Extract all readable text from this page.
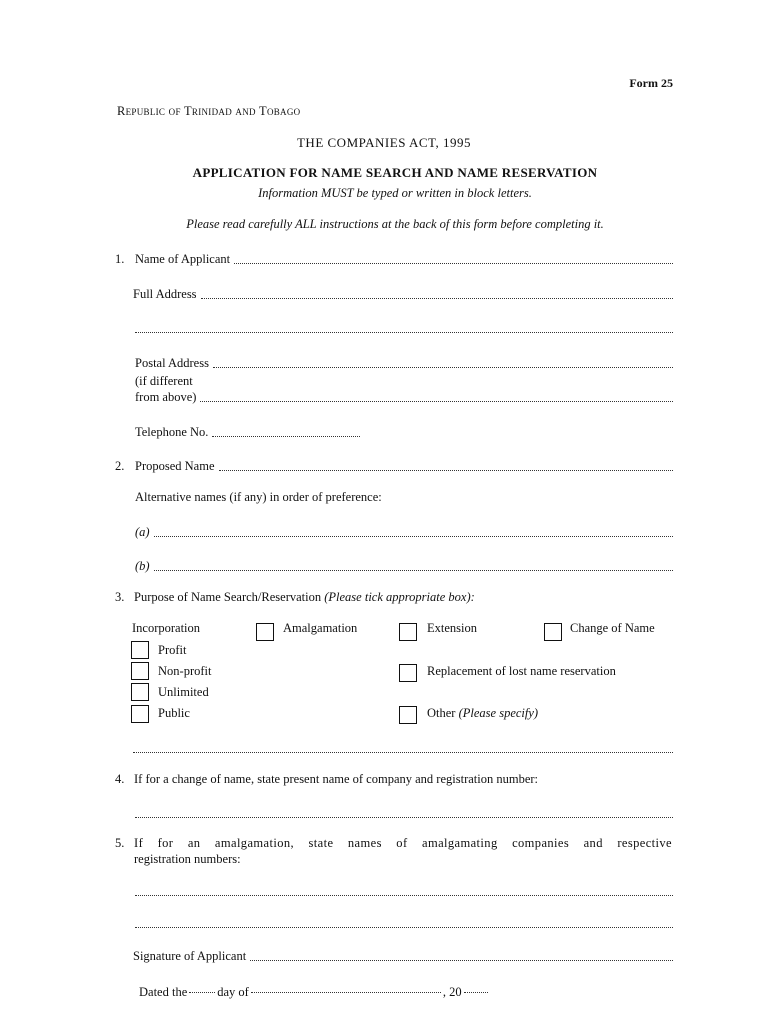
Form 25
Republic of Trinidad and Tobago
THE COMPANIES ACT, 1995
APPLICATION FOR NAME SEARCH AND NAME RESERVATION
Information MUST be typed or written in block letters.
Please read carefully ALL instructions at the back of this form before completing it.
1. Name of Applicant
Full Address
Postal Address
(if different
from above)
Telephone No.
2. Proposed Name
Alternative names (if any) in order of preference:
(a)
(b)
3. Purpose of Name Search/Reservation (Please tick appropriate box):
Incorporation	Amalgamation	Extension	Change of Name
Profit
Non-profit	Replacement of lost name reservation
Unlimited
Public	Other (Please specify)
4. If for a change of name, state present name of company and registration number:
5. If for an amalgamation, state names of amalgamating companies and respective
registration numbers:
Signature of Applicant
Dated the day of	, 20
